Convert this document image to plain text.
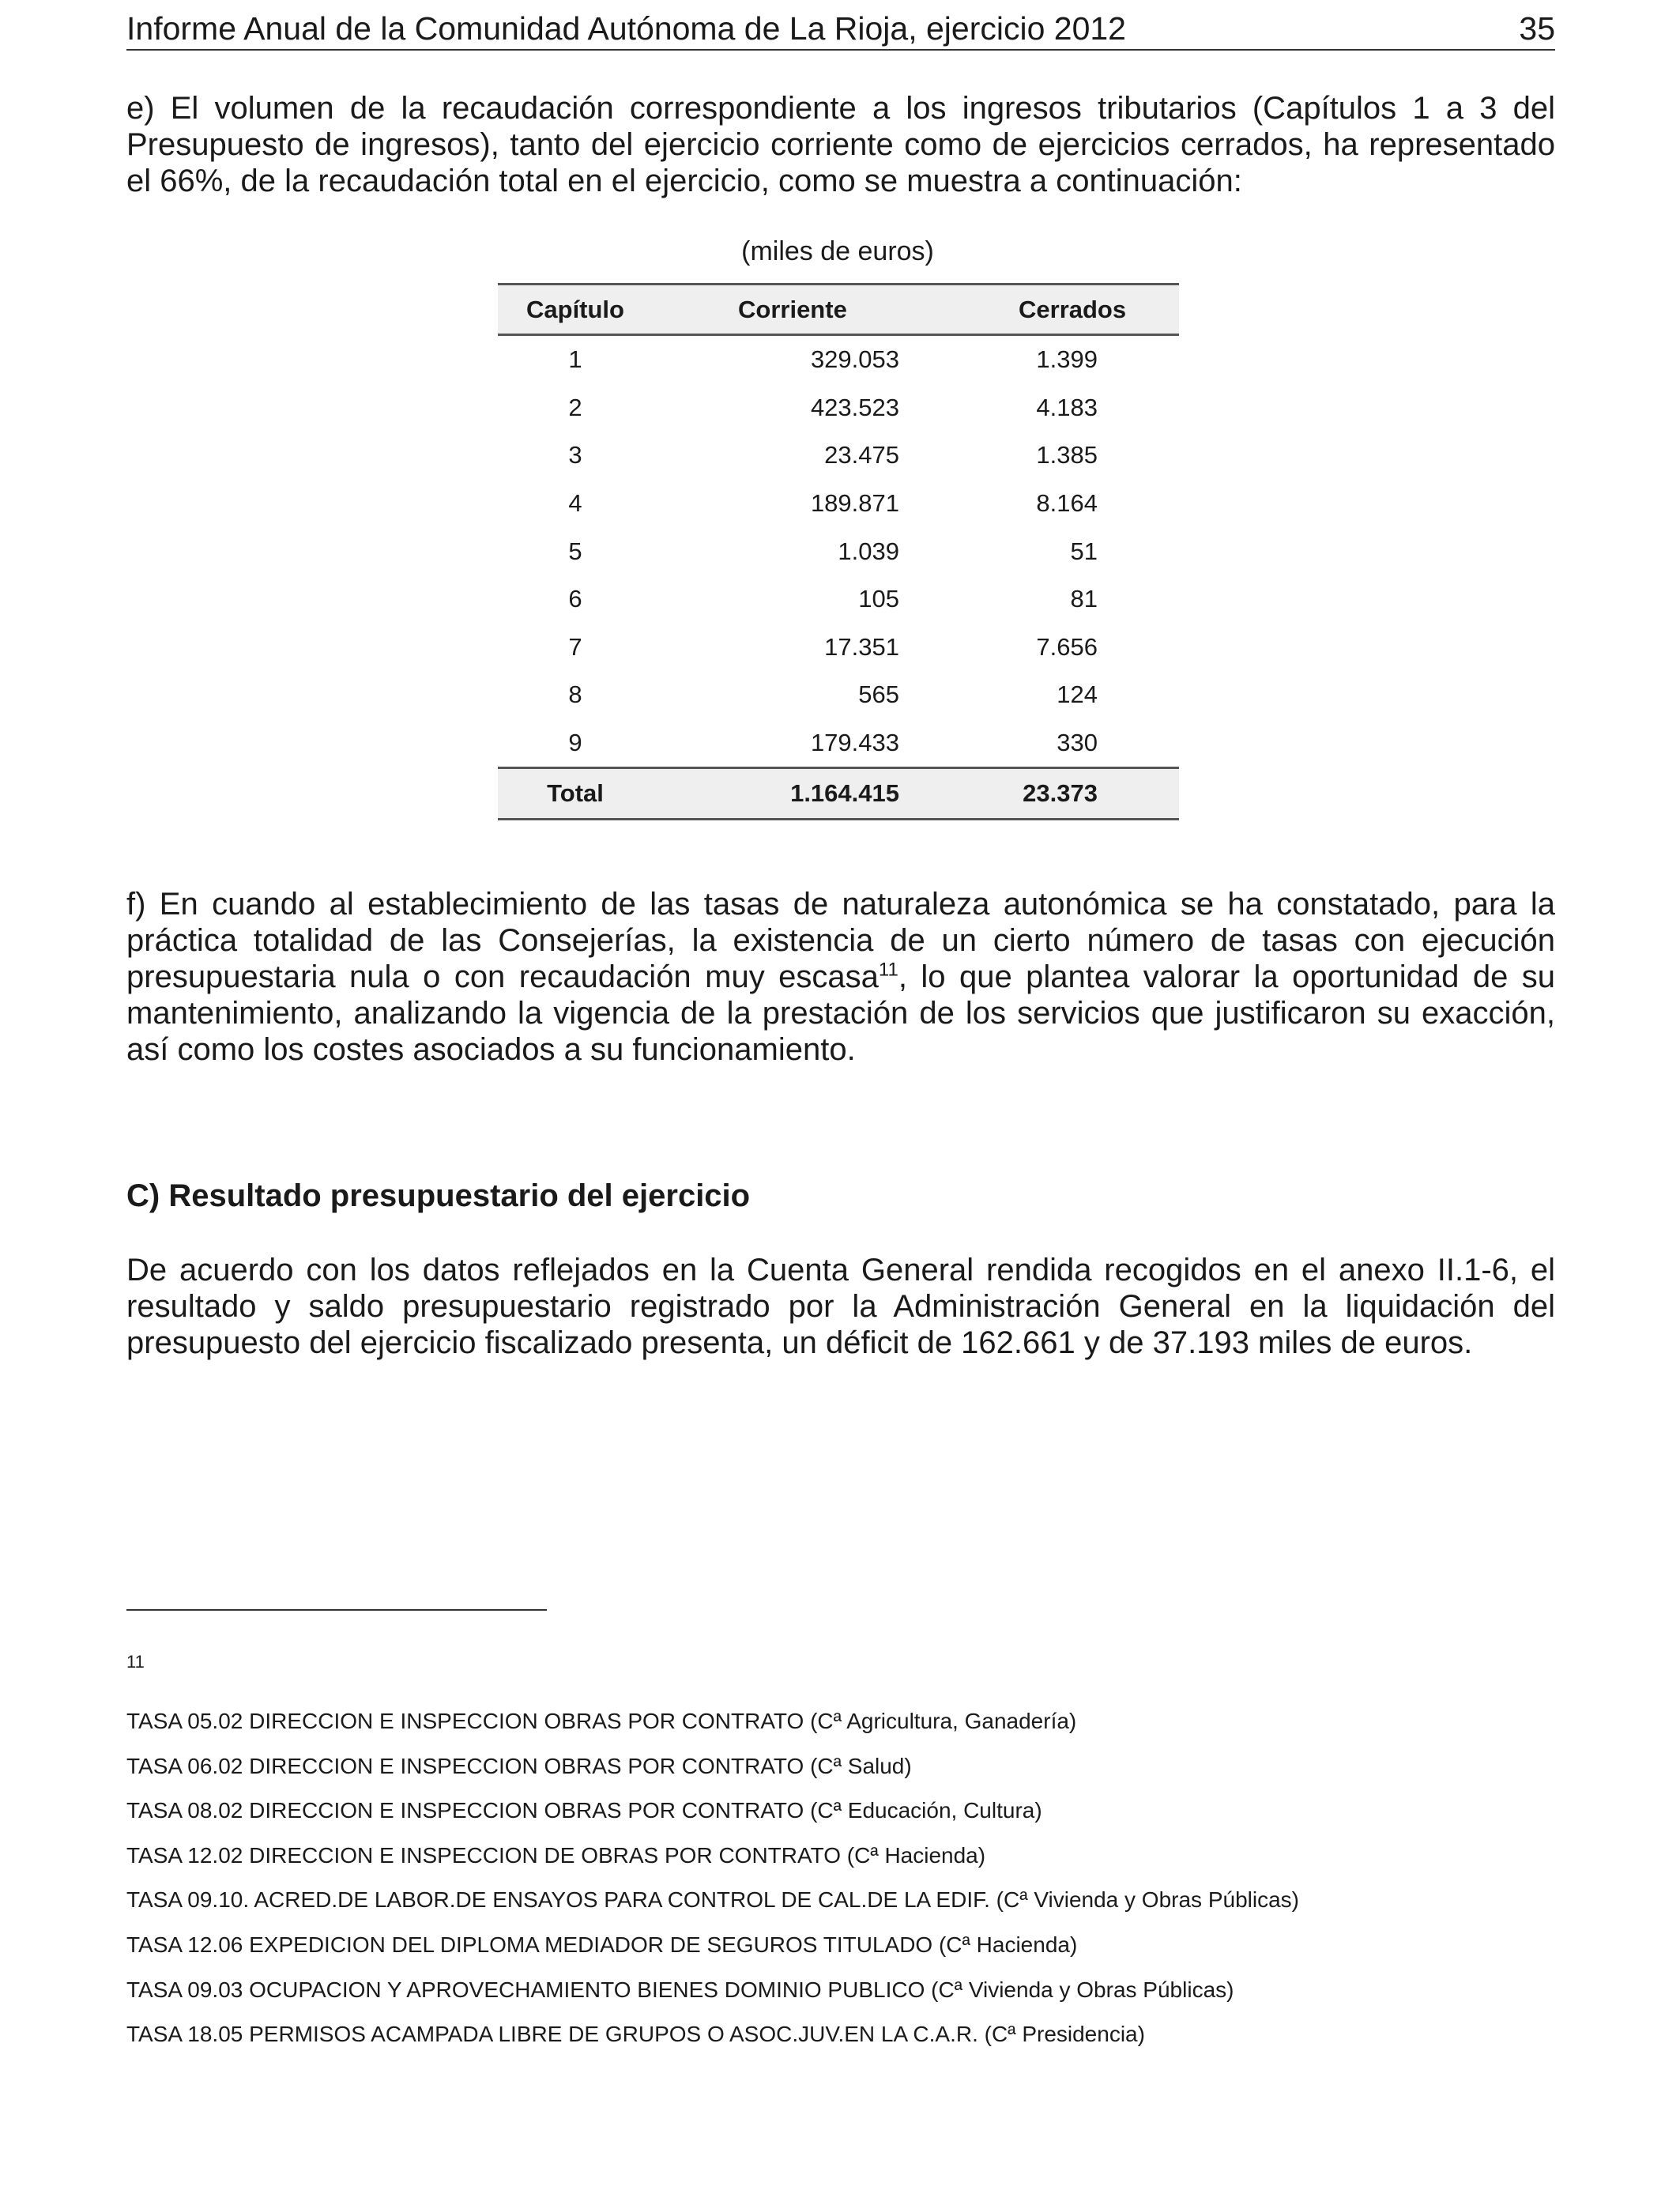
Informe Anual de la Comunidad Autónoma de La Rioja, ejercicio 2012	35

e) El volumen de la recaudación correspondiente a los ingresos tributarios (Capítulos 1 a 3 del Presupuesto de ingresos), tanto del ejercicio corriente como de ejercicios cerrados, ha representado el 66%, de la recaudación total en el ejercicio, como se muestra a continuación:

(miles de euros)
Capítulo	Corriente	Cerrados
1	329.053	1.399
2	423.523	4.183
3	23.475	1.385
4	189.871	8.164
5	1.039	51
6	105	81
7	17.351	7.656
8	565	124
9	179.433	330
Total	1.164.415	23.373

f) En cuando al establecimiento de las tasas de naturaleza autonómica se ha constatado, para la práctica totalidad de las Consejerías, la existencia de un cierto número de tasas con ejecución presupuestaria nula o con recaudación muy escasa$^{11}$, lo que plantea valorar la oportunidad de su mantenimiento, analizando la vigencia de la prestación de los servicios que justificaron su exacción, así como los costes asociados a su funcionamiento.

C) Resultado presupuestario del ejercicio

De acuerdo con los datos reflejados en la Cuenta General rendida recogidos en el anexo II.1-6, el resultado y saldo presupuestario registrado por la Administración General en la liquidación del presupuesto del ejercicio fiscalizado presenta, un déficit de 162.661 y de 37.193 miles de euros.

11
TASA 05.02 DIRECCION E INSPECCION OBRAS POR CONTRATO (Cª Agricultura, Ganadería)
TASA 06.02 DIRECCION E INSPECCION OBRAS POR CONTRATO (Cª Salud)
TASA 08.02 DIRECCION E INSPECCION OBRAS POR CONTRATO (Cª Educación, Cultura)
TASA 12.02 DIRECCION E INSPECCION DE OBRAS POR CONTRATO (Cª Hacienda)
TASA 09.10. ACRED.DE LABOR.DE ENSAYOS PARA CONTROL DE CAL.DE LA EDIF. (Cª Vivienda y Obras Públicas)
TASA 12.06 EXPEDICION DEL DIPLOMA MEDIADOR DE SEGUROS TITULADO (Cª Hacienda)
TASA 09.03 OCUPACION Y APROVECHAMIENTO BIENES DOMINIO PUBLICO (Cª Vivienda y Obras Públicas)
TASA 18.05 PERMISOS ACAMPADA LIBRE DE GRUPOS O ASOC.JUV.EN LA C.A.R. (Cª Presidencia)
